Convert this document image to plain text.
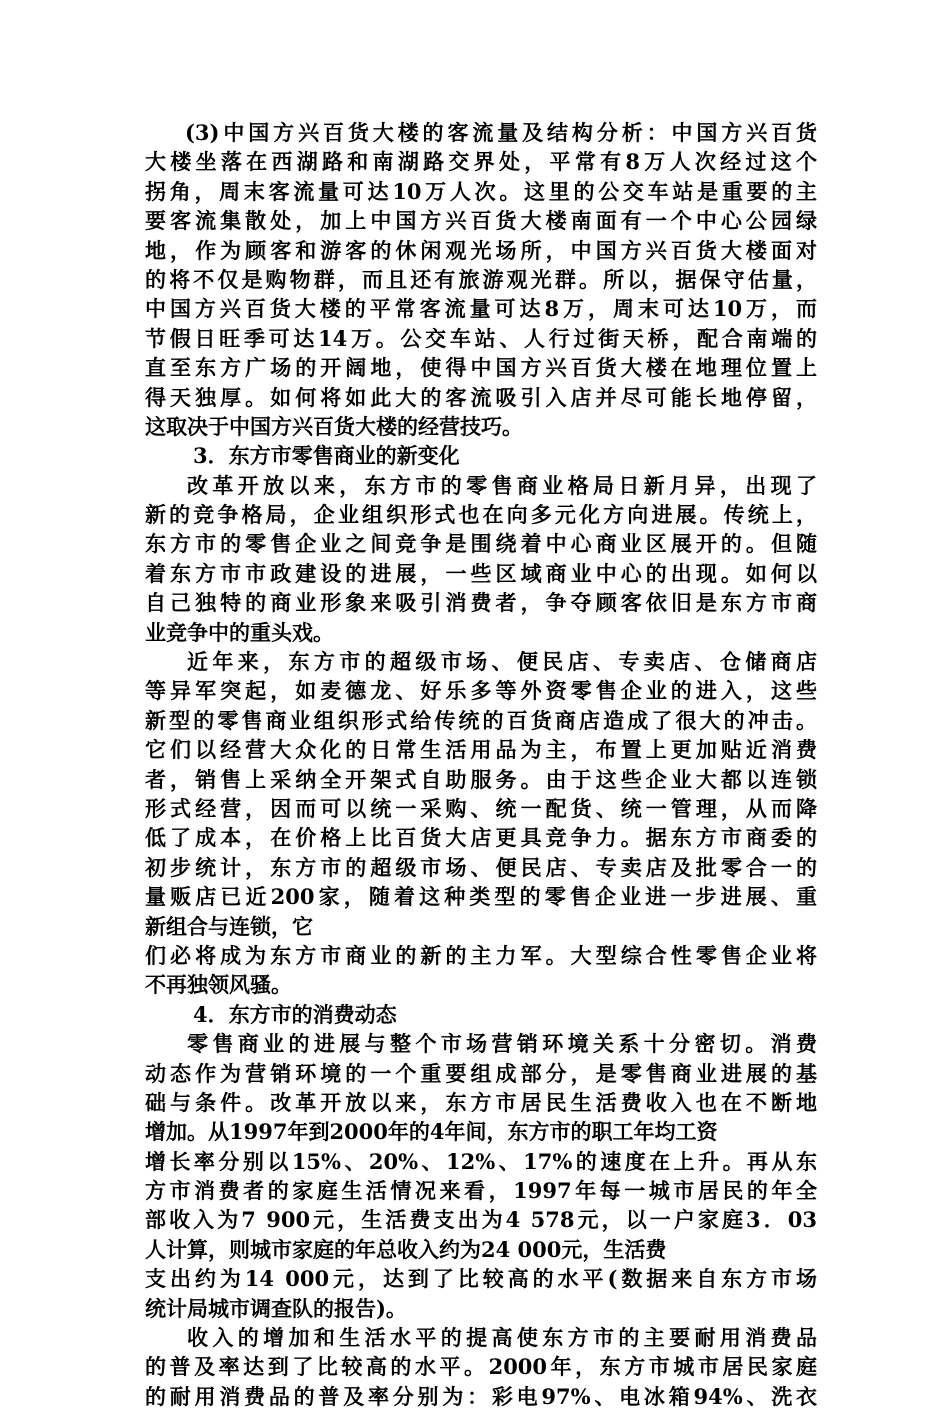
(3)中国方兴百货大楼的客流量及结构分析：中国方兴百货
大楼坐落在西湖路和南湖路交界处，平常有8万人次经过这个
拐角，周末客流量可达10万人次。这里的公交车站是重要的主
要客流集散处，加上中国方兴百货大楼南面有一个中心公园绿
地，作为顾客和游客的休闲观光场所，中国方兴百货大楼面对
的将不仅是购物群，而且还有旅游观光群。所以，据保守估量，
中国方兴百货大楼的平常客流量可达8万，周末可达10万，而
节假日旺季可达14万。公交车站、人行过街天桥，配合南端的
直至东方广场的开阔地，使得中国方兴百货大楼在地理位置上
得天独厚。如何将如此大的客流吸引入店并尽可能长地停留，
这取决于中国方兴百货大楼的经营技巧。
3．东方市零售商业的新变化
改革开放以来，东方市的零售商业格局日新月异，出现了
新的竞争格局，企业组织形式也在向多元化方向进展。传统上，
东方市的零售企业之间竞争是围绕着中心商业区展开的。但随
着东方市市政建设的进展，一些区域商业中心的出现。如何以
自己独特的商业形象来吸引消费者，争夺顾客依旧是东方市商
业竞争中的重头戏。
近年来，东方市的超级市场、便民店、专卖店、仓储商店
等异军突起，如麦德龙、好乐多等外资零售企业的进入，这些
新型的零售商业组织形式给传统的百货商店造成了很大的冲击。
它们以经营大众化的日常生活用品为主，布置上更加贴近消费
者，销售上采纳全开架式自助服务。由于这些企业大都以连锁
形式经营，因而可以统一采购、统一配货、统一管理，从而降
低了成本，在价格上比百货大店更具竞争力。据东方市商委的
初步统计，东方市的超级市场、便民店、专卖店及批零合一的
量贩店已近200家，随着这种类型的零售企业进一步进展、重
新组合与连锁，它
们必将成为东方市商业的新的主力军。大型综合性零售企业将
不再独领风骚。
4．东方市的消费动态
零售商业的进展与整个市场营销环境关系十分密切。消费
动态作为营销环境的一个重要组成部分，是零售商业进展的基
础与条件。改革开放以来，东方市居民生活费收入也在不断地
增加。从1997年到2000年的4年间，东方市的职工年均工资
增长率分别以15%、20%、12%、17%的速度在上升。再从东
方市消费者的家庭生活情况来看，1997年每一城市居民的年全
部收入为7 900元，生活费支出为4 578元，以一户家庭3．03
人计算，则城市家庭的年总收入约为24 000元，生活费
支出约为14 000元，达到了比较高的水平(数据来自东方市场
统计局城市调查队的报告)。
收入的增加和生活水平的提高使东方市的主要耐用消费品
的普及率达到了比较高的水平。2000年，东方市城市居民家庭
的耐用消费品的普及率分别为：彩电97%、电冰箱94%、洗衣
